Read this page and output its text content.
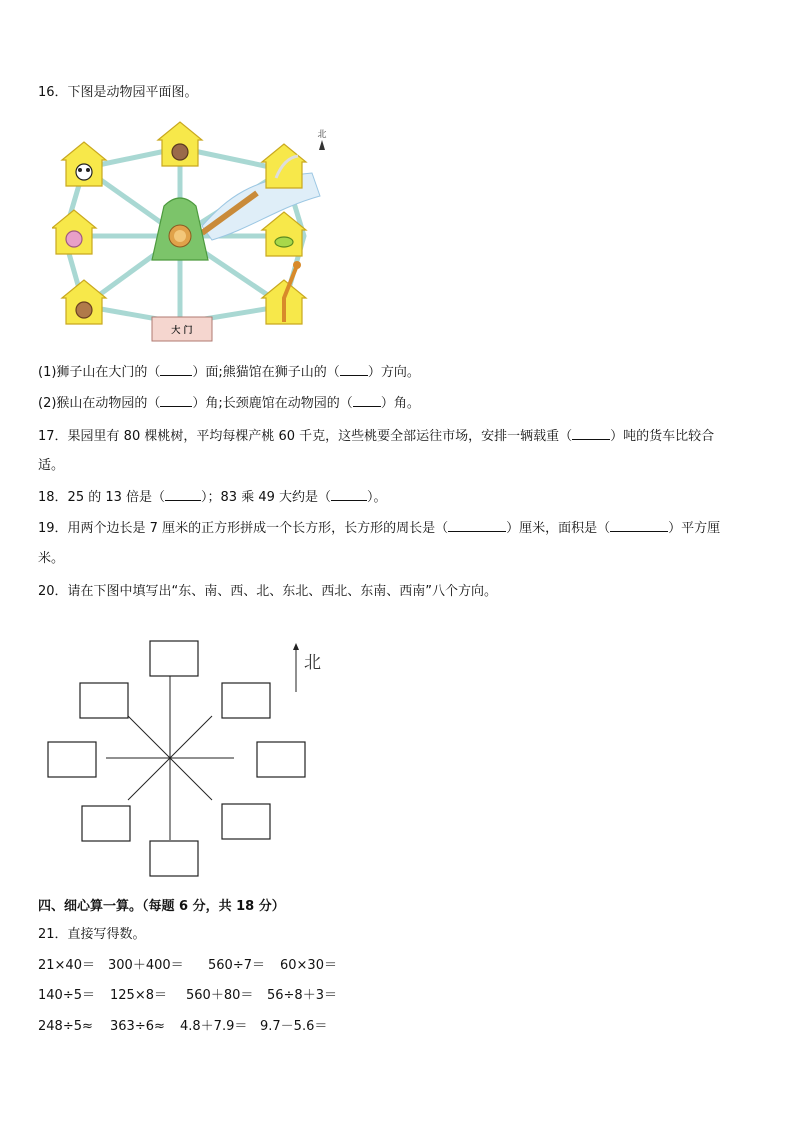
16．下图是动物园平面图。
大 门
北
(1)狮子山在大门的（ ）面;熊猫馆在狮子山的（ ）方向。
(2)猴山在动物园的（ ）角;长颈鹿馆在动物园的（ ）角。
17．果园里有 80 棵桃树，平均每棵产桃 60 千克，这些桃要全部运往市场，安排一辆载重（	）吨的货车比较合
适。
18．25 的 13 倍是（	）；83 乘 49 大约是（	）。
19．用两个边长是 7 厘米的正方形拼成一个长方形，长方形的周长是（	）厘米，面积是（	）平方厘
米。
20．请在下图中填写出“东、南、西、北、东北、西北、东南、西南”八个方向。
北
四、细心算一算。（每题 6 分，共 18 分）
21．直接写得数。
21×40＝ 300＋400＝ 560÷7＝ 60×30＝
140÷5＝ 125×8＝ 560＋80＝ 56÷8＋3＝
248÷5≈ 363÷6≈ 4.8＋7.9＝ 9.7－5.6＝
